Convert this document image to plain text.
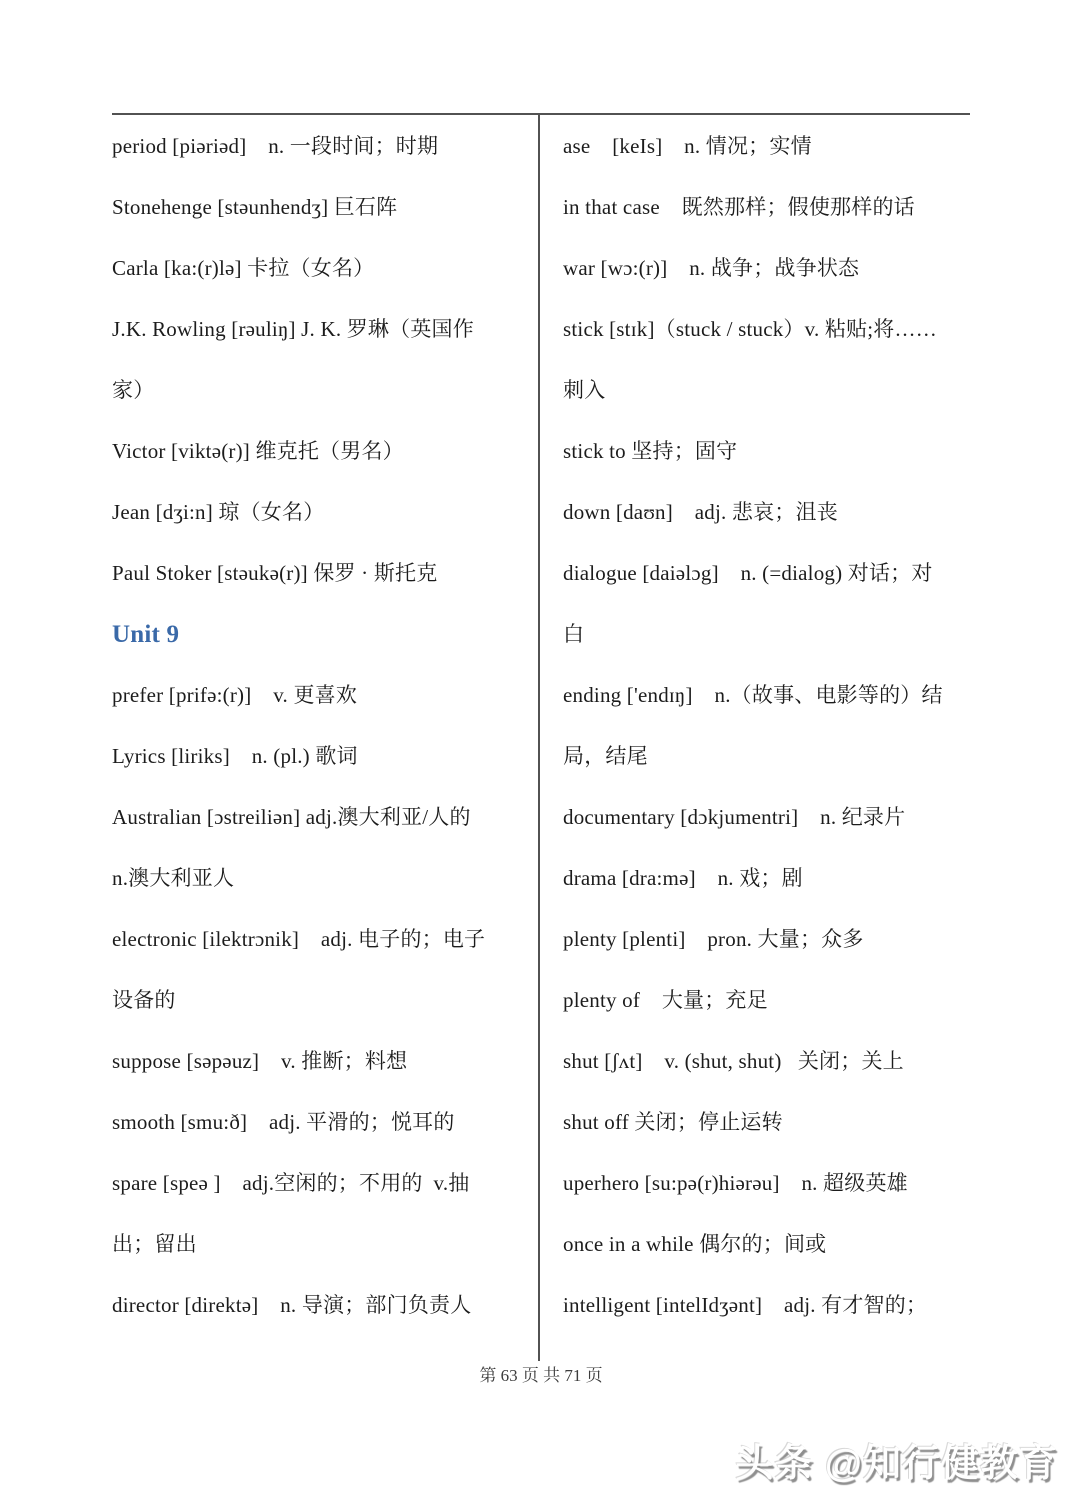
period [piəriəd]    n. 一段时间；时期
Stonehenge [stəunhendʒ] 巨石阵
Carla [ka:(r)lə] 卡拉（女名）
J.K. Rowling [rəuliŋ] J. K. 罗琳（英国作
家）
Victor [viktə(r)] 维克托（男名）
Jean [dʒi:n] 琼（女名）
Paul Stoker [stəukə(r)] 保罗 · 斯托克
Unit 9
prefer [prifə:(r)]    v. 更喜欢
Lyrics [liriks]    n. (pl.) 歌词
Australian [ɔstreiliən] adj.澳大利亚/人的
n.澳大利亚人
electronic [ilektrɔnik]    adj. 电子的；电子
设备的
suppose [səpəuz]    v. 推断；料想
smooth [smu:ð]    adj. 平滑的；悦耳的
spare [speə ]    adj.空闲的；不用的  v.抽
出；留出
director [direktə]    n. 导演；部门负责人
ase    [keIs]    n. 情况；实情
in that case    既然那样；假使那样的话
war [wɔ:(r)]    n. 战争；战争状态
stick [stɪk]（stuck / stuck）v. 粘贴;将……
刺入
stick to 坚持；固守
down [daʊn]    adj. 悲哀；沮丧
dialogue [daiəlɔg]    n. (=dialog) 对话；对
白
ending ['endɪŋ]    n.（故事、电影等的）结
局，结尾
documentary [dɔkjumentri]    n. 纪录片
drama [dra:mə]    n. 戏；剧
plenty [plenti]    pron. 大量；众多
plenty of    大量；充足
shut [ʃʌt]    v. (shut, shut)   关闭；关上
shut off 关闭；停止运转
uperhero [su:pə(r)hiərəu]    n. 超级英雄
once in a while 偶尔的；间或
intelligent [intelIdʒənt]    adj. 有才智的；
第 63 页 共 71 页
头条 @知行健教育
